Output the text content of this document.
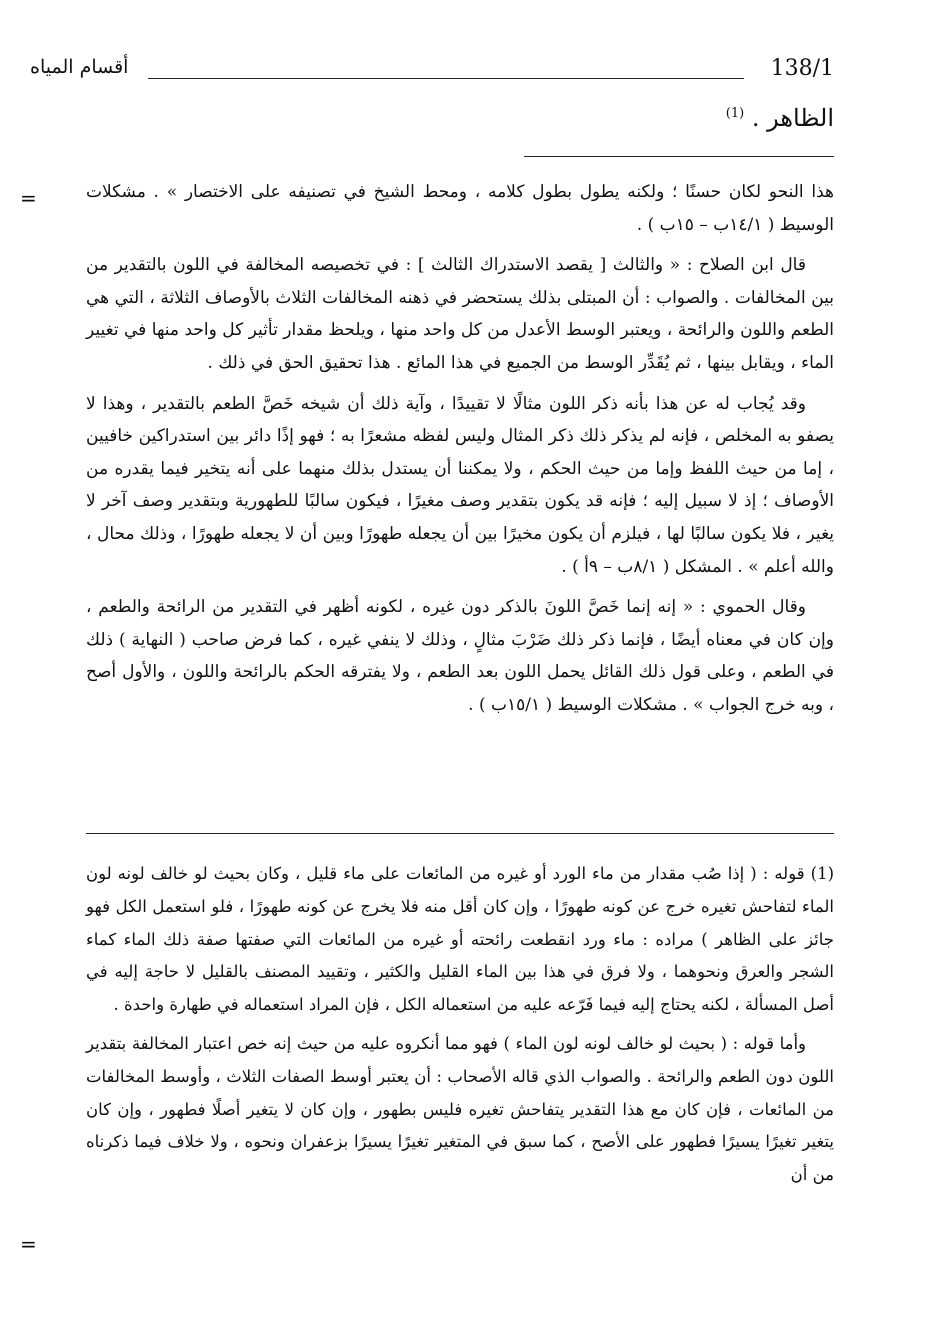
138/1
أقسام المياه
الظاهر . $^{(1)}$
=	هذا النحو لكان حسنًا ؛ ولكنه يطول بطول كلامه ، ومحط الشيخ في تصنيفه على الاختصار » . مشكلات الوسيط ( ١٤/١ب – ١٥ب ) .

قال ابن الصلاح : « والثالث [ يقصد الاستدراك الثالث ] : في تخصيصه المخالفة في اللون بالتقدير من بين المخالفات . والصواب : أن المبتلى بذلك يستحضر في ذهنه المخالفات الثلاث بالأوصاف الثلاثة ، التي هي الطعم واللون والرائحة ، ويعتبر الوسط الأعدل من كل واحد منها ، ويلحظ مقدار تأثير كل واحد منها في تغيير الماء ، ويقابل بينها ، ثم يُقَدِّر الوسط من الجميع في هذا المائع . هذا تحقيق الحق في ذلك .

وقد يُجاب له عن هذا بأنه ذكر اللون مثالًا لا تقييدًا ، وآية ذلك أن شيخه خَصَّ الطعم بالتقدير ، وهذا لا يصفو به المخلص ، فإنه لم يذكر ذلك ذكر المثال وليس لفظه مشعرًا به ؛ فهو إذًا دائر بين استدراكين خافيين ، إما من حيث اللفظ وإما من حيث الحكم ، ولا يمكننا أن يستدل بذلك منهما على أنه يتخير فيما يقدره من الأوصاف ؛ إذ لا سبيل إليه ؛ فإنه قد يكون بتقدير وصف مغيرًا ، فيكون سالبًا للطهورية وبتقدير وصف آخر لا يغير ، فلا يكون سالبًا لها ، فيلزم أن يكون مخيرًا بين أن يجعله طهورًا وبين أن لا يجعله طهورًا ، وذلك محال ، والله أعلم » . المشكل ( ٨/١ب – ٩أ ) .

وقال الحموي : « إنه إنما خَصَّ اللونَ بالذكر دون غيره ، لكونه أظهر في التقدير من الرائحة والطعم ، وإن كان في معناه أيضًا ، فإنما ذكر ذلك ضَرْبَ مثالٍ ، وذلك لا ينفي غيره ، كما فرض صاحب ( النهاية ) ذلك في الطعم ، وعلى قول ذلك القائل يحمل اللون بعد الطعم ، ولا يفترقه الحكم بالرائحة واللون ، والأول أصح ، وبه خرج الجواب » . مشكلات الوسيط ( ١٥/١ب ) .

(1) قوله : ( إذا صُب مقدار من ماء الورد أو غيره من المائعات على ماء قليل ، وكان بحيث لو خالف لونه لون الماء لتفاحش تغيره خرج عن كونه طهورًا ، وإن كان أقل منه فلا يخرج عن كونه طهورًا ، فلو استعمل الكل فهو جائز على الظاهر ) مراده : ماء ورد انقطعت رائحته أو غيره من المائعات التي صفتها صفة ذلك الماء كماء الشجر والعرق ونحوهما ، ولا فرق في هذا بين الماء القليل والكثير ، وتقييد المصنف بالقليل لا حاجة إليه في أصل المسألة ، لكنه يحتاج إليه فيما فَرّعه عليه من استعماله الكل ، فإن المراد استعماله في طهارة واحدة .

وأما قوله : ( بحيث لو خالف لونه لون الماء ) فهو مما أنكروه عليه من حيث إنه خص اعتبار المخالفة بتقدير اللون دون الطعم والرائحة . والصواب الذي قاله الأصحاب : أن يعتبر أوسط الصفات الثلاث ، وأوسط المخالفات من المائعات ، فإن كان مع هذا التقدير يتفاحش تغيره فليس بطهور ، وإن كان لا يتغير أصلًا فطهور ، وإن كان يتغير تغيرًا يسيرًا فطهور على الأصح ، كما سبق في المتغير تغيرًا يسيرًا بزعفران ونحوه ، ولا خلاف فيما ذكرناه من أن

=
